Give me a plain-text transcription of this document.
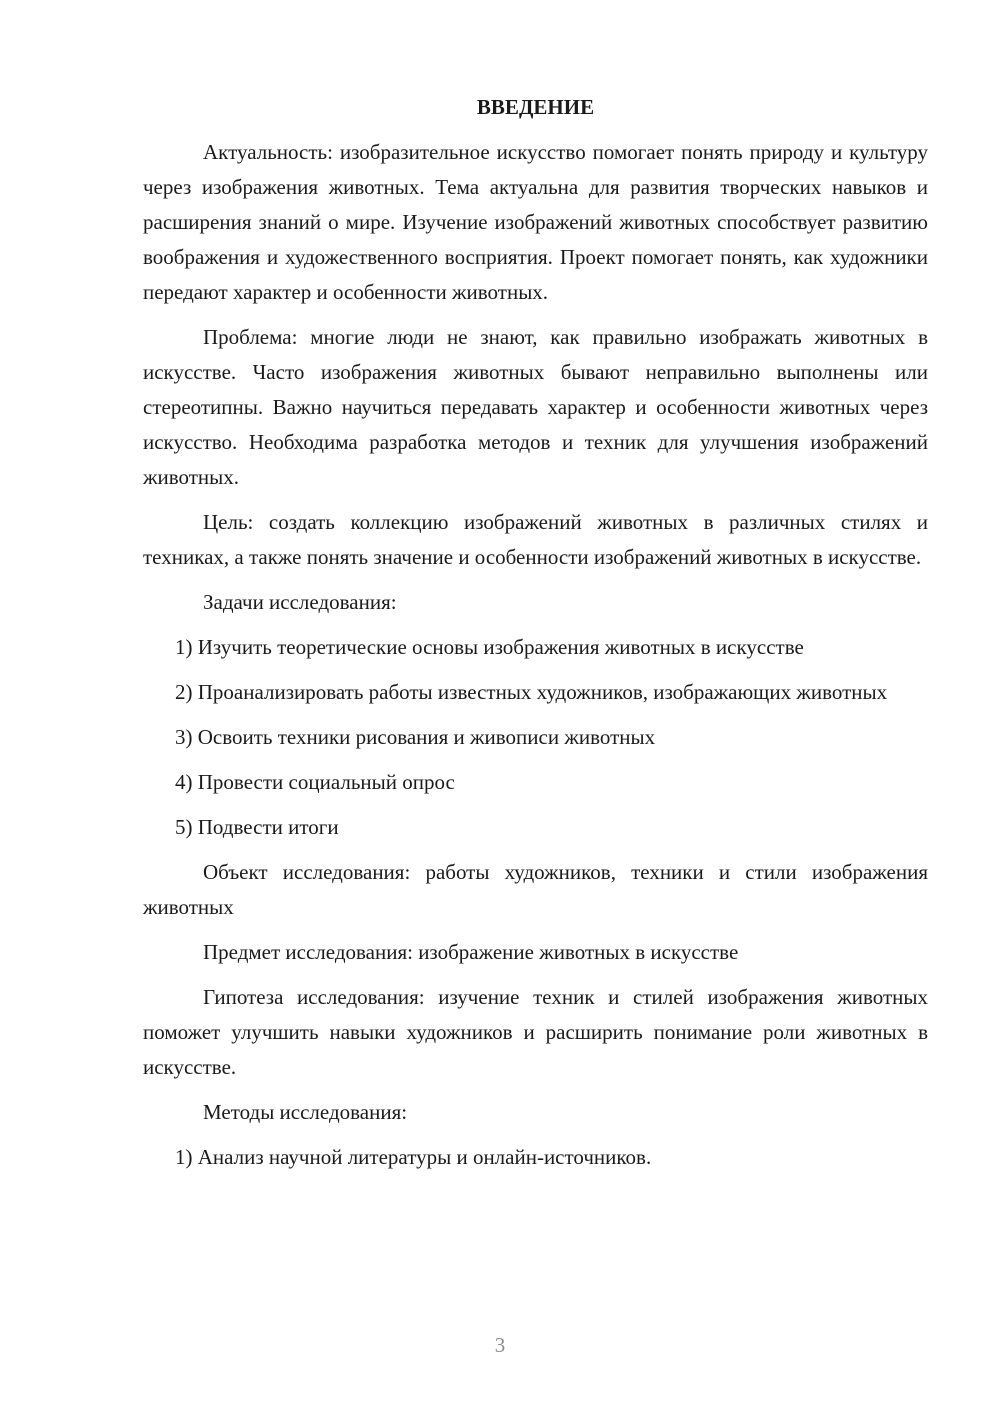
ВВЕДЕНИЕ

Актуальность: изобразительное искусство помогает понять природу и культуру через изображения животных. Тема актуальна для развития творческих навыков и расширения знаний о мире. Изучение изображений животных способствует развитию воображения и художественного восприятия. Проект помогает понять, как художники передают характер и особенности животных.

Проблема: многие люди не знают, как правильно изображать животных в искусстве. Часто изображения животных бывают неправильно выполнены или стереотипны. Важно научиться передавать характер и особенности животных через искусство. Необходима разработка методов и техник для улучшения изображений животных.

Цель: создать коллекцию изображений животных в различных стилях и техниках, а также понять значение и особенности изображений животных в искусстве.

Задачи исследования:

1) Изучить теоретические основы изображения животных в искусстве

2) Проанализировать работы известных художников, изображающих животных

3) Освоить техники рисования и живописи животных

4) Провести социальный опрос

5) Подвести итоги

Объект исследования: работы художников, техники и стили изображения животных

Предмет исследования: изображение животных в искусстве

Гипотеза исследования: изучение техник и стилей изображения животных поможет улучшить навыки художников и расширить понимание роли животных в искусстве.

Методы исследования:

1) Анализ научной литературы и онлайн-источников.

3
